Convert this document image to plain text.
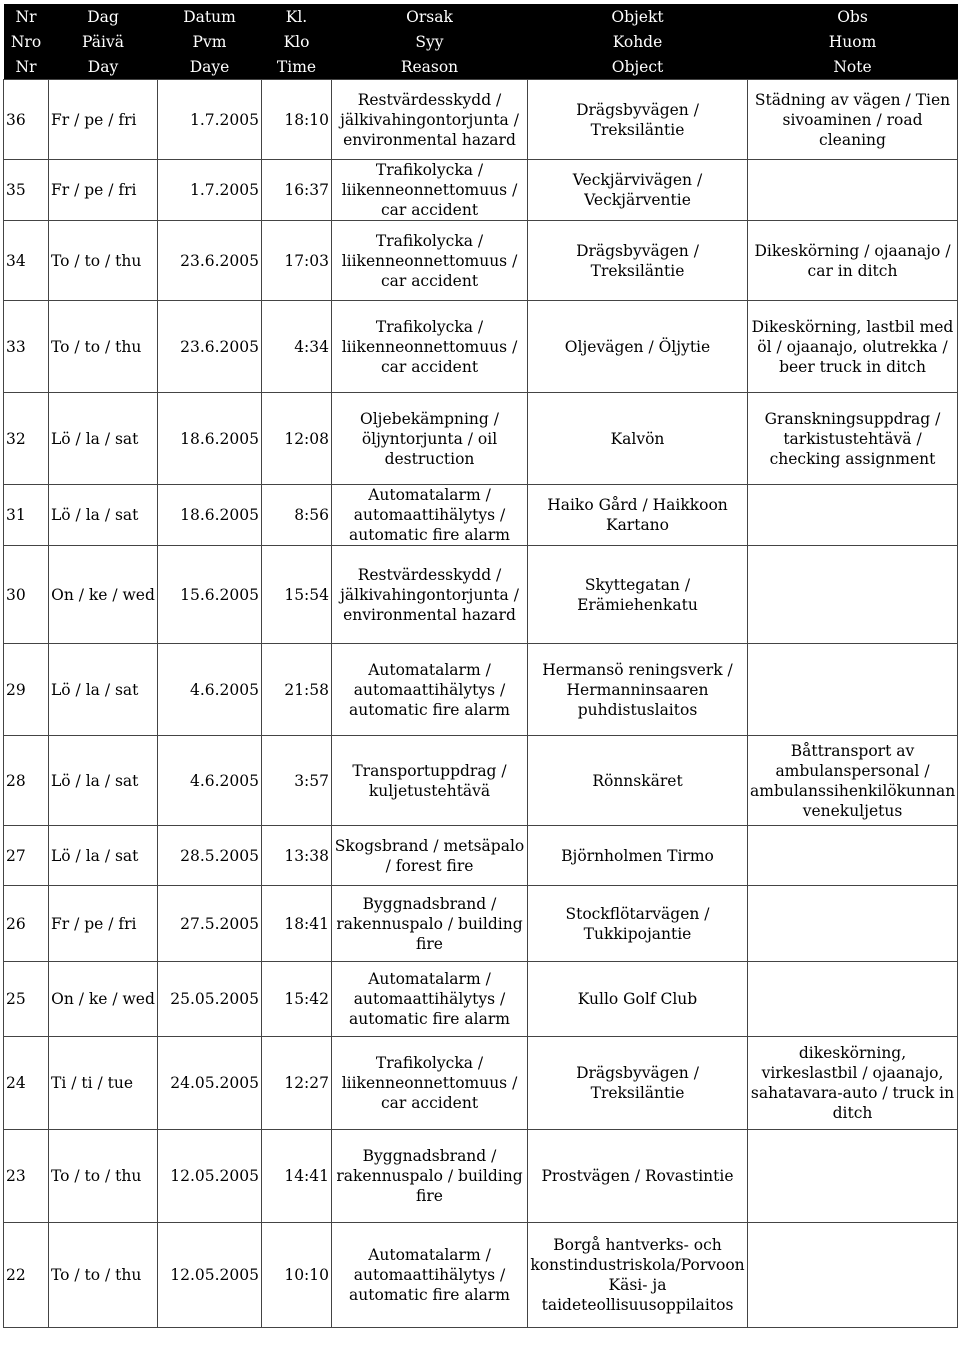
Nr	Dag	Datum	Kl.	Orsak	Objekt	Obs
Nro	Päivä	Pvm	Klo	Syy	Kohde	Huom
Nr	Day	Daye	Time	Reason	Object	Note
36	Fr / pe / fri	1.7.2005	18:10	Restvärdesskydd / jälkivahingontorjunta / environmental hazard	Drägsbyvägen / Treksiläntie	Städning av vägen / Tien sivoaminen / road cleaning
35	Fr / pe / fri	1.7.2005	16:37	Trafikolycka / liikenneonnettomuus / car accident	Veckjärvivägen / Veckjärventie	
34	To / to / thu	23.6.2005	17:03	Trafikolycka / liikenneonnettomuus / car accident	Drägsbyvägen / Treksiläntie	Dikeskörning / ojaanajo / car in ditch
33	To / to / thu	23.6.2005	4:34	Trafikolycka / liikenneonnettomuus / car accident	Oljevägen / Öljytie	Dikeskörning, lastbil med öl / ojaanajo, olutrekka / beer truck in ditch
32	Lö / la / sat	18.6.2005	12:08	Oljebekämpning / öljyntorjunta / oil destruction	Kalvön	Granskningsuppdrag / tarkistustehtävä / checking assignment
31	Lö / la / sat	18.6.2005	8:56	Automatalarm / automaattihälytys / automatic fire alarm	Haiko Gård / Haikkoon Kartano	
30	On / ke / wed	15.6.2005	15:54	Restvärdesskydd / jälkivahingontorjunta / environmental hazard	Skyttegatan / Erämiehenkatu	
29	Lö / la / sat	4.6.2005	21:58	Automatalarm / automaattihälytys / automatic fire alarm	Hermansö reningsverk / Hermanninsaaren puhdistuslaitos	
28	Lö / la / sat	4.6.2005	3:57	Transportuppdrag / kuljetustehtävä	Rönnskäret	Båttransport av ambulanspersonal / ambulanssihenkilökunnan venekuljetus
27	Lö / la / sat	28.5.2005	13:38	Skogsbrand / metsäpalo / forest fire	Björnholmen Tirmo	
26	Fr / pe / fri	27.5.2005	18:41	Byggnadsbrand / rakennuspalo / building fire	Stockflötarvägen / Tukkipojantie	
25	On / ke / wed	25.05.2005	15:42	Automatalarm / automaattihälytys / automatic fire alarm	Kullo Golf Club	
24	Ti / ti / tue	24.05.2005	12:27	Trafikolycka / liikenneonnettomuus / car accident	Drägsbyvägen / Treksiläntie	dikeskörning, virkeslastbil / ojaanajo, sahatavara-auto / truck in ditch
23	To / to / thu	12.05.2005	14:41	Byggnadsbrand / rakennuspalo / building fire	Prostvägen / Rovastintie	
22	To / to / thu	12.05.2005	10:10	Automatalarm / automaattihälytys / automatic fire alarm	Borgå hantverks- och konstindustriskola/Porvoon Käsi- ja taideteollisuusoppilaitos	
